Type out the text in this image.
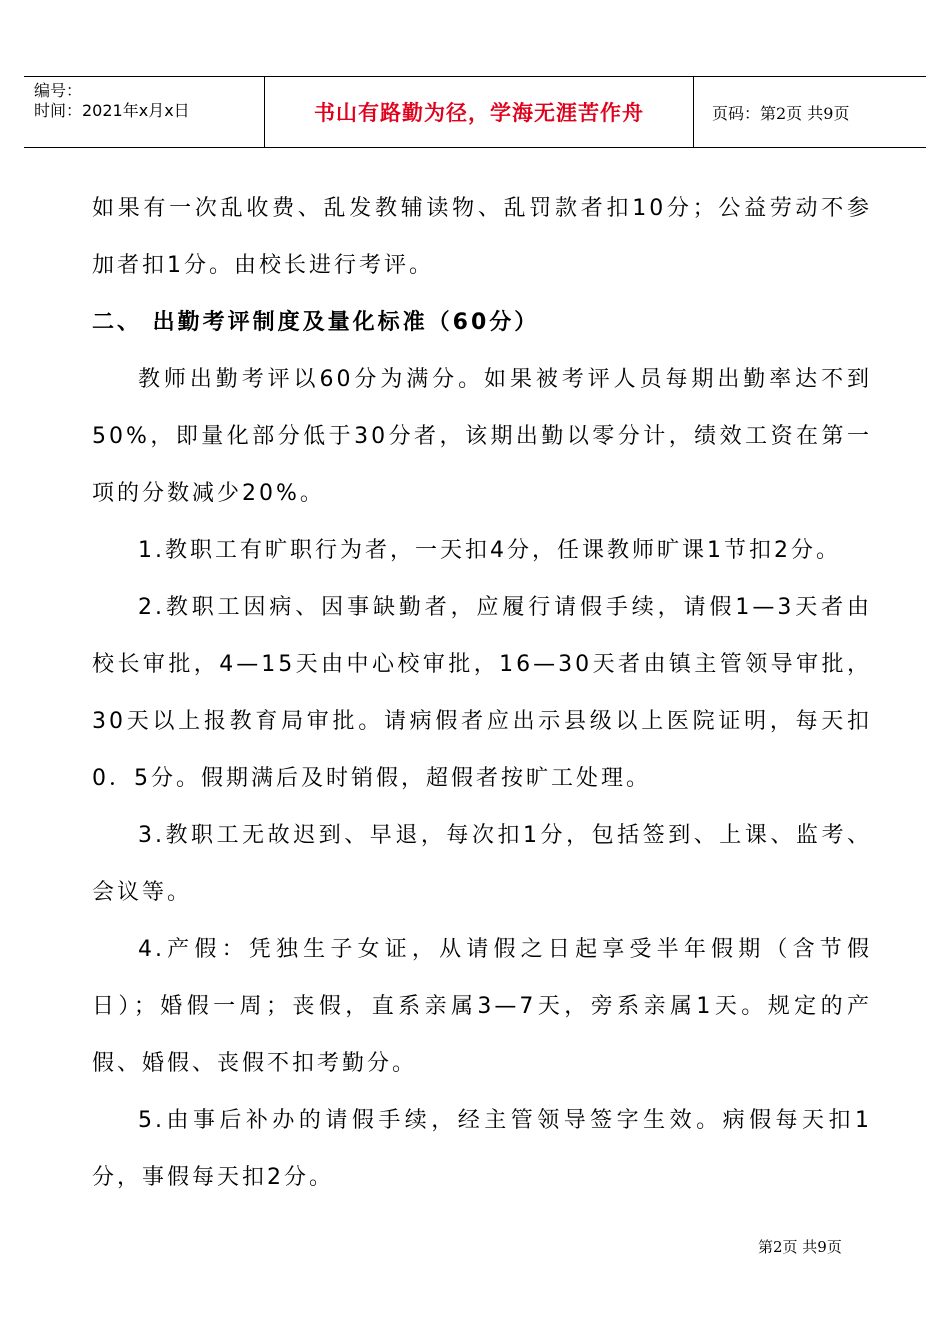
编号：
时间：2021年x月x日	书山有路勤为径，学海无涯苦作舟	页码：第2页 共9页

如果有一次乱收费、乱发教辅读物、乱罚款者扣10分；公益劳动不参加者扣1分。由校长进行考评。

二、 出勤考评制度及量化标准（60分）

教师出勤考评以60分为满分。如果被考评人员每期出勤率达不到50%，即量化部分低于30分者，该期出勤以零分计，绩效工资在第一项的分数减少20%。

1.教职工有旷职行为者，一天扣4分，任课教师旷课1节扣2分。

2.教职工因病、因事缺勤者，应履行请假手续，请假1—3天者由校长审批，4—15天由中心校审批，16—30天者由镇主管领导审批，30天以上报教育局审批。请病假者应出示县级以上医院证明，每天扣0．5分。假期满后及时销假，超假者按旷工处理。

3.教职工无故迟到、早退，每次扣1分，包括签到、上课、监考、会议等。

4.产假：凭独生子女证，从请假之日起享受半年假期（含节假日）；婚假一周；丧假，直系亲属3—7天，旁系亲属1天。规定的产假、婚假、丧假不扣考勤分。

5.由事后补办的请假手续，经主管领导签字生效。病假每天扣1分，事假每天扣2分。

第2页 共9页
